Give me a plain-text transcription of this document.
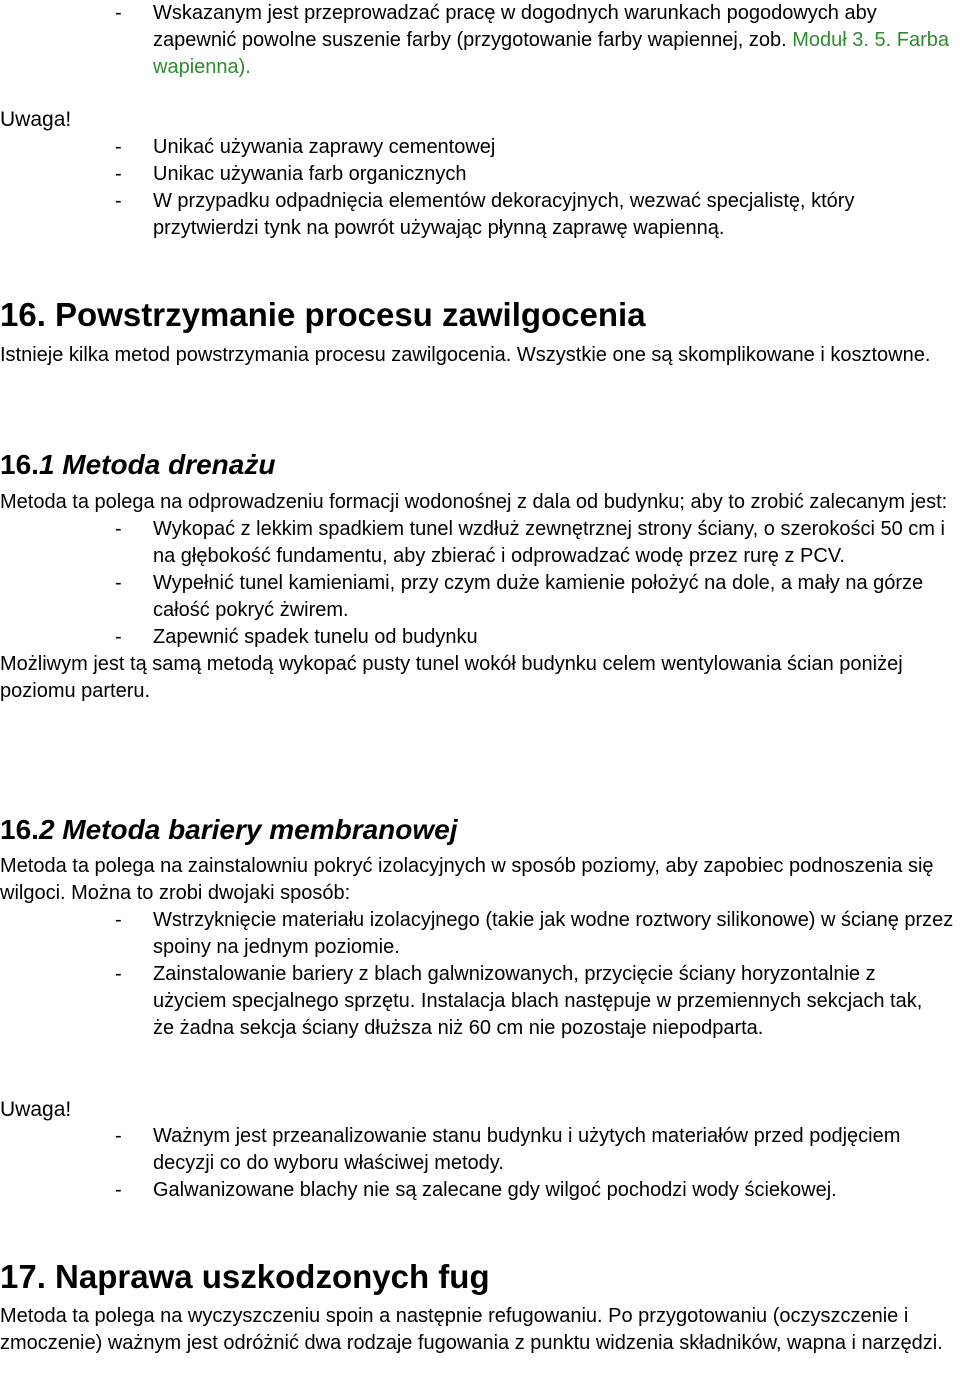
- Wskazanym jest przeprowadzać pracę w dogodnych warunkach pogodowych aby zapewnić powolne suszenie farby (przygotowanie farby wapiennej, zob. Moduł 3. 5. Farba wapienna).

Uwaga!

- Unikać używania zaprawy cementowej

- Unikac używania farb organicznych

- W przypadku odpadnięcia elementów dekoracyjnych, wezwać specjalistę, który przytwierdzi tynk na powrót używając płynną zaprawę wapienną.

16. Powstrzymanie procesu zawilgocenia

Istnieje kilka metod powstrzymania procesu zawilgocenia. Wszystkie one są skomplikowane i kosztowne.

16.1 Metoda drenażu

Metoda ta polega na odprowadzeniu formacji wodonośnej z dala od budynku; aby to zrobić zalecanym jest:

- Wykopać z lekkim spadkiem tunel wzdłuż zewnętrznej strony ściany, o szerokości 50 cm i na głębokość fundamentu, aby zbierać i odprowadzać wodę przez rurę z PCV.

- Wypełnić tunel kamieniami, przy czym duże kamienie położyć na dole, a mały na górze całość pokryć żwirem.

- Zapewnić spadek tunelu od budynku

Możliwym jest tą samą metodą wykopać pusty tunel wokół budynku celem wentylowania ścian poniżej poziomu parteru.

16.2 Metoda bariery membranowej

Metoda ta polega na zainstalowniu pokryć izolacyjnych w sposób poziomy, aby zapobiec podnoszenia się wilgoci. Można to zrobi dwojaki sposób:

- Wstrzyknięcie materiału izolacyjnego (takie jak wodne roztwory silikonowe) w ścianę przez spoiny na jednym poziomie.

- Zainstalowanie bariery z blach galwnizowanych, przycięcie ściany horyzontalnie z użyciem specjalnego sprzętu. Instalacja blach następuje w przemiennych sekcjach tak, że żadna sekcja ściany dłuższa niż 60 cm nie pozostaje niepodparta.

Uwaga!

- Ważnym jest przeanalizowanie stanu budynku i użytych materiałów przed podjęciem decyzji co do wyboru właściwej metody.

- Galwanizowane blachy nie są zalecane gdy wilgoć pochodzi wody ściekowej.

17. Naprawa uszkodzonych fug

Metoda ta polega na wyczyszczeniu spoin a następnie refugowaniu. Po przygotowaniu (oczyszczenie i zmoczenie) ważnym jest odróżnić dwa rodzaje fugowania z punktu widzenia składników, wapna i narzędzi.
